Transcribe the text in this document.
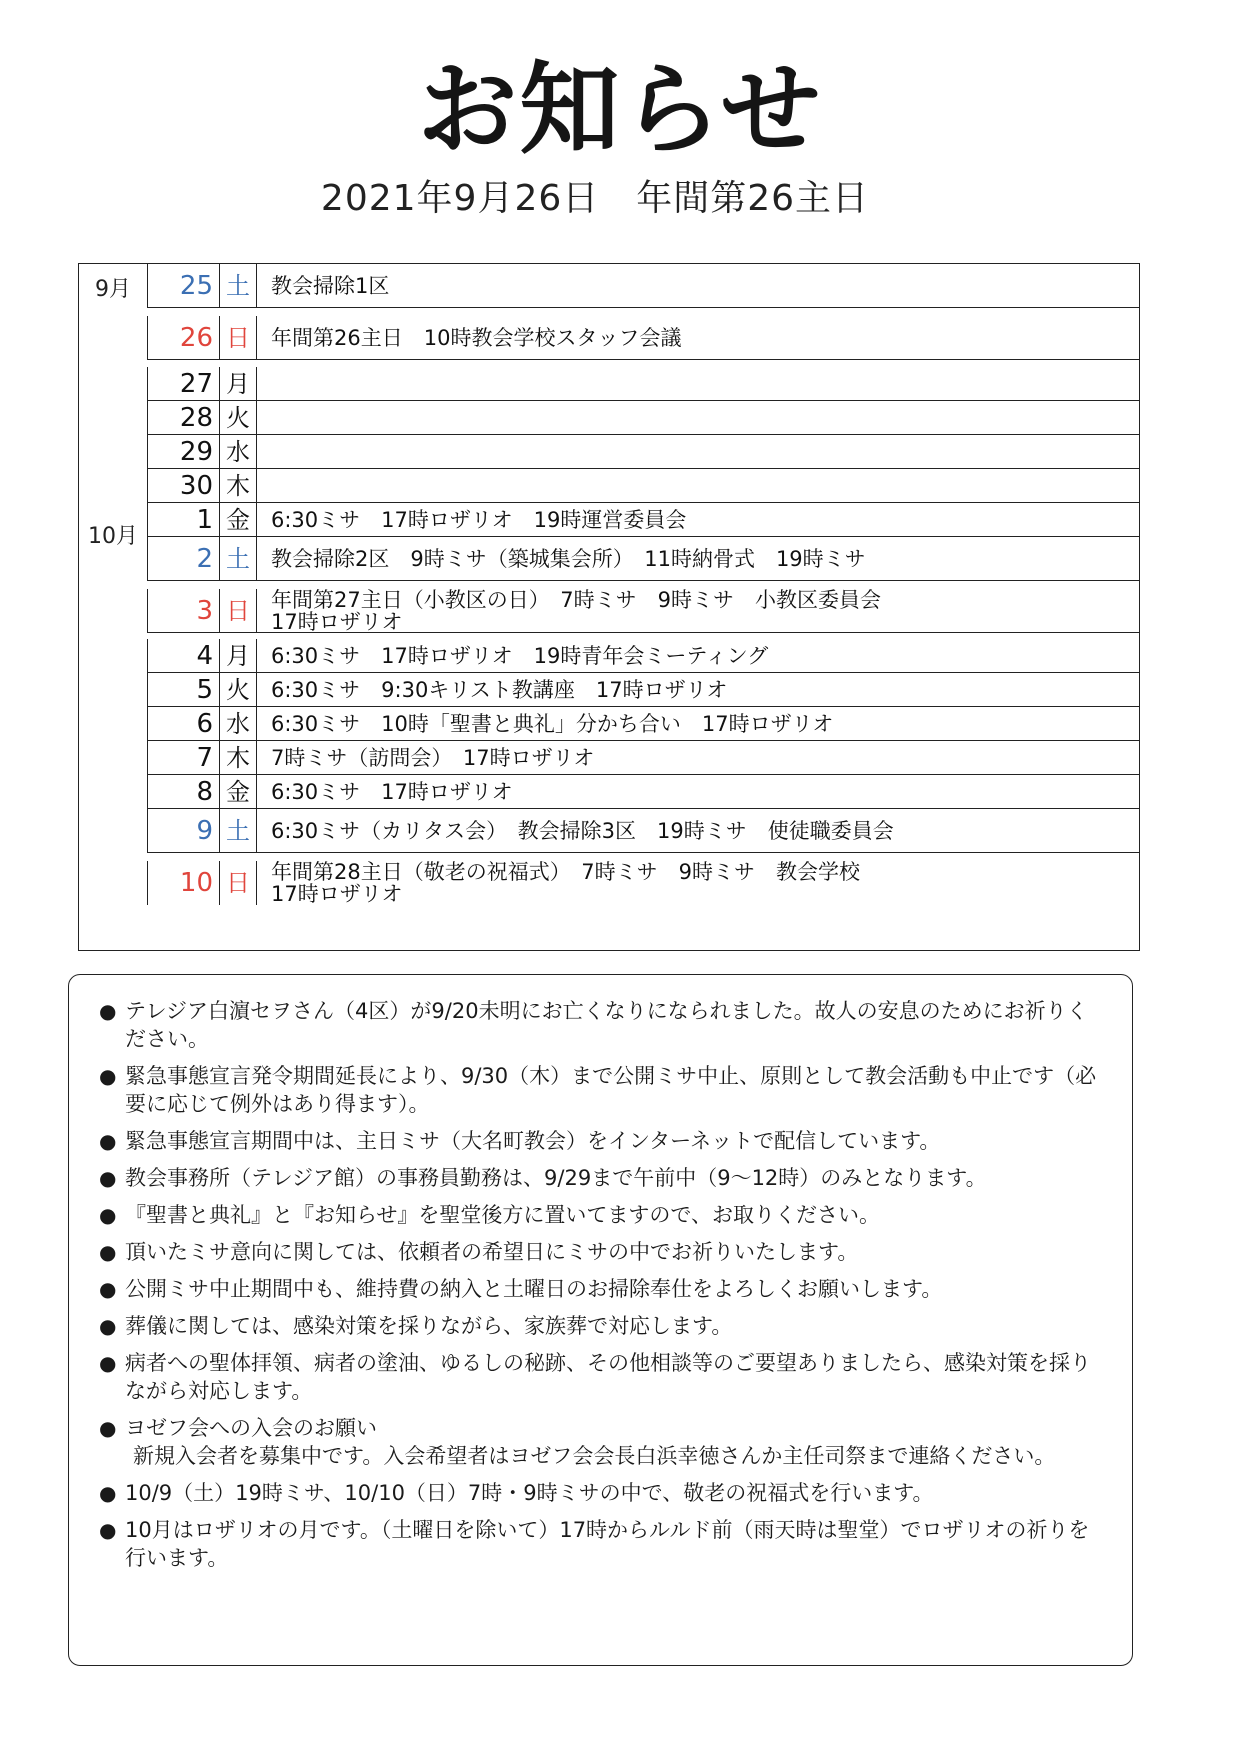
お知らせ
2021年9月26日　年間第26主日
9月
10月
25 土	教会掃除1区
26 日	年間第26主日　10時教会学校スタッフ会議
27 月
28 火
29 水
30 木
1 金	6:30ミサ　17時ロザリオ　19時運営委員会
2 土	教会掃除2区　9時ミサ（築城集会所）　11時納骨式　19時ミサ
3 日	年間第27主日（小教区の日）　7時ミサ　9時ミサ　小教区委員会
17時ロザリオ
4 月	6:30ミサ　17時ロザリオ　19時青年会ミーティング
5 火	6:30ミサ　9:30キリスト教講座　17時ロザリオ
6 水	6:30ミサ　10時「聖書と典礼」分かち合い　17時ロザリオ
7 木	7時ミサ（訪問会）　17時ロザリオ
8 金	6:30ミサ　17時ロザリオ
9 土	6:30ミサ（カリタス会）　教会掃除3区　19時ミサ　使徒職委員会
10 日	年間第28主日（敬老の祝福式）　7時ミサ　9時ミサ　教会学校
17時ロザリオ
● テレジア白濵セヲさん（4区）が9/20未明にお亡くなりになられました。故人の安息のためにお祈りください。
● 緊急事態宣言発令期間延長により、9/30（木）まで公開ミサ中止、原則として教会活動も中止です（必要に応じて例外はあり得ます）。
● 緊急事態宣言期間中は、主日ミサ（大名町教会）をインターネットで配信しています。
● 教会事務所（テレジア館）の事務員勤務は、9/29まで午前中（9〜12時）のみとなります。
● 『聖書と典礼』と『お知らせ』を聖堂後方に置いてますので、お取りください。
● 頂いたミサ意向に関しては、依頼者の希望日にミサの中でお祈りいたします。
● 公開ミサ中止期間中も、維持費の納入と土曜日のお掃除奉仕をよろしくお願いします。
● 葬儀に関しては、感染対策を採りながら、家族葬で対応します。
● 病者への聖体拝領、病者の塗油、ゆるしの秘跡、その他相談等のご要望ありましたら、感染対策を採りながら対応します。
● ヨゼフ会への入会のお願い
新規入会者を募集中です。入会希望者はヨゼフ会会長白浜幸徳さんか主任司祭まで連絡ください。
● 10/9（土）19時ミサ、10/10（日）7時・9時ミサの中で、敬老の祝福式を行います。
● 10月はロザリオの月です。（土曜日を除いて）17時からルルド前（雨天時は聖堂）でロザリオの祈りを行います。
